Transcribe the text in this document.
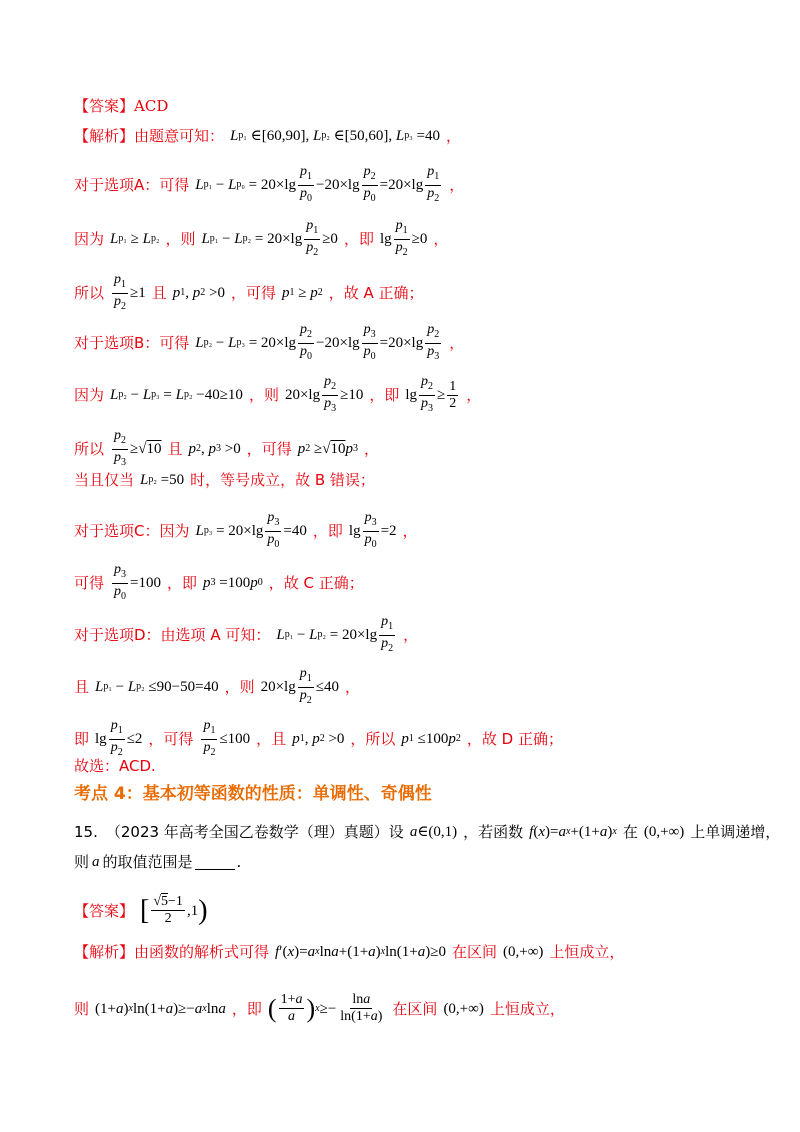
【答案】 ACD
【解析】 由题意可知： L p₁ ∈[60,90], L p₂ ∈[50,60], L p₃ =40 ，
对于选项A：可得 L p₁ − L $p_0 = 20\times\lg \frac{p_1}{p_0} -20\times\lg \frac{p_2}{p_0} =20\times\lg \frac{p_1}{p_2}$ ，
因为 L p₁ ≥ L p₂ ，则 L p₁ − L $p_2 = 20\times\lg \frac{p_1}{p_2} \ge 0$ ，即 $\lg \frac{p_1}{p_2} \ge 0$ ，
所以 $\frac{p_1}{p_2} \ge 1$ 且 p 1 , p 2 >0 ，可得 p 1 ≥ p 2 ，故 A 正确；
对于选项B：可得 L p₂ − L $p_3 = 20\times\lg \frac{p_2}{p_0} -20\times\lg \frac{p_3}{p_0} =20\times\lg \frac{p_2}{p_3}$ ，
因为 L p₂ − L p₃ = L p₂ −40≥10 ，则 $20\times\lg \frac{p_2}{p_3} \ge 10$ ，即 $\lg \frac{p_2}{p_3} \ge \frac{1}{2}$ ，
所以 $\frac{p_2}{p_3}$ ≥√ 10 且 p 2 , p 3 >0 ，可得 p 2 ≥√ 10 p 3 ，
当且仅当 L p₂ =50 时，等号成立，故 B 错误；
对于选项C：因为 L $p_3 = 20\times\lg \frac{p_3}{p_0} =40$ ，即 $\lg \frac{p_3}{p_0} =2$ ，
可得 $\frac{p_3}{p_0} =100$ ，即 p 3 =100 p 0 ，故 C 正确；
对于选项D：由选项 A 可知： L p₁ − L $p_2 = 20\times\lg \frac{p_1}{p_2}$ ，
且 L p₁ − L p₂ ≤90−50=40 ，则 $20\times\lg \frac{p_1}{p_2} \le 40$ ，
即 $\lg \frac{p_1}{p_2} \le 2$ ，可得 $\frac{p_1}{p_2} \le 100$ ，且 p 1 , p 2 >0 ，所以 p 1 ≤100 p 2 ，故 D 正确；
故选：ACD.
考点 4：基本初等函数的性质：单调性、奇偶性
15. （2023 年高考全国乙卷数学（理）真题）设 a ∈(0,1) ，若函数 f ( x )= a x +(1+ a ) x 在 (0,+∞) 上单调递增，
则 a 的取值范围是	.
【答案】 [ $\frac{√5-1}{2} ,1$ )
【解析】 由函数的解析式可得 f ′( x )= a x ln a +(1+ a ) x ln(1+ a )≥0 在区间 (0,+∞) 上恒成立，
则 (1+ a ) x ln(1+ a )≥− a x ln a ，即 ( $\frac{1+a}{a}$ ) $x \ge- \frac{\ln a}{\ln(1+a)}$ 在区间 (0,+∞) 上恒成立，
